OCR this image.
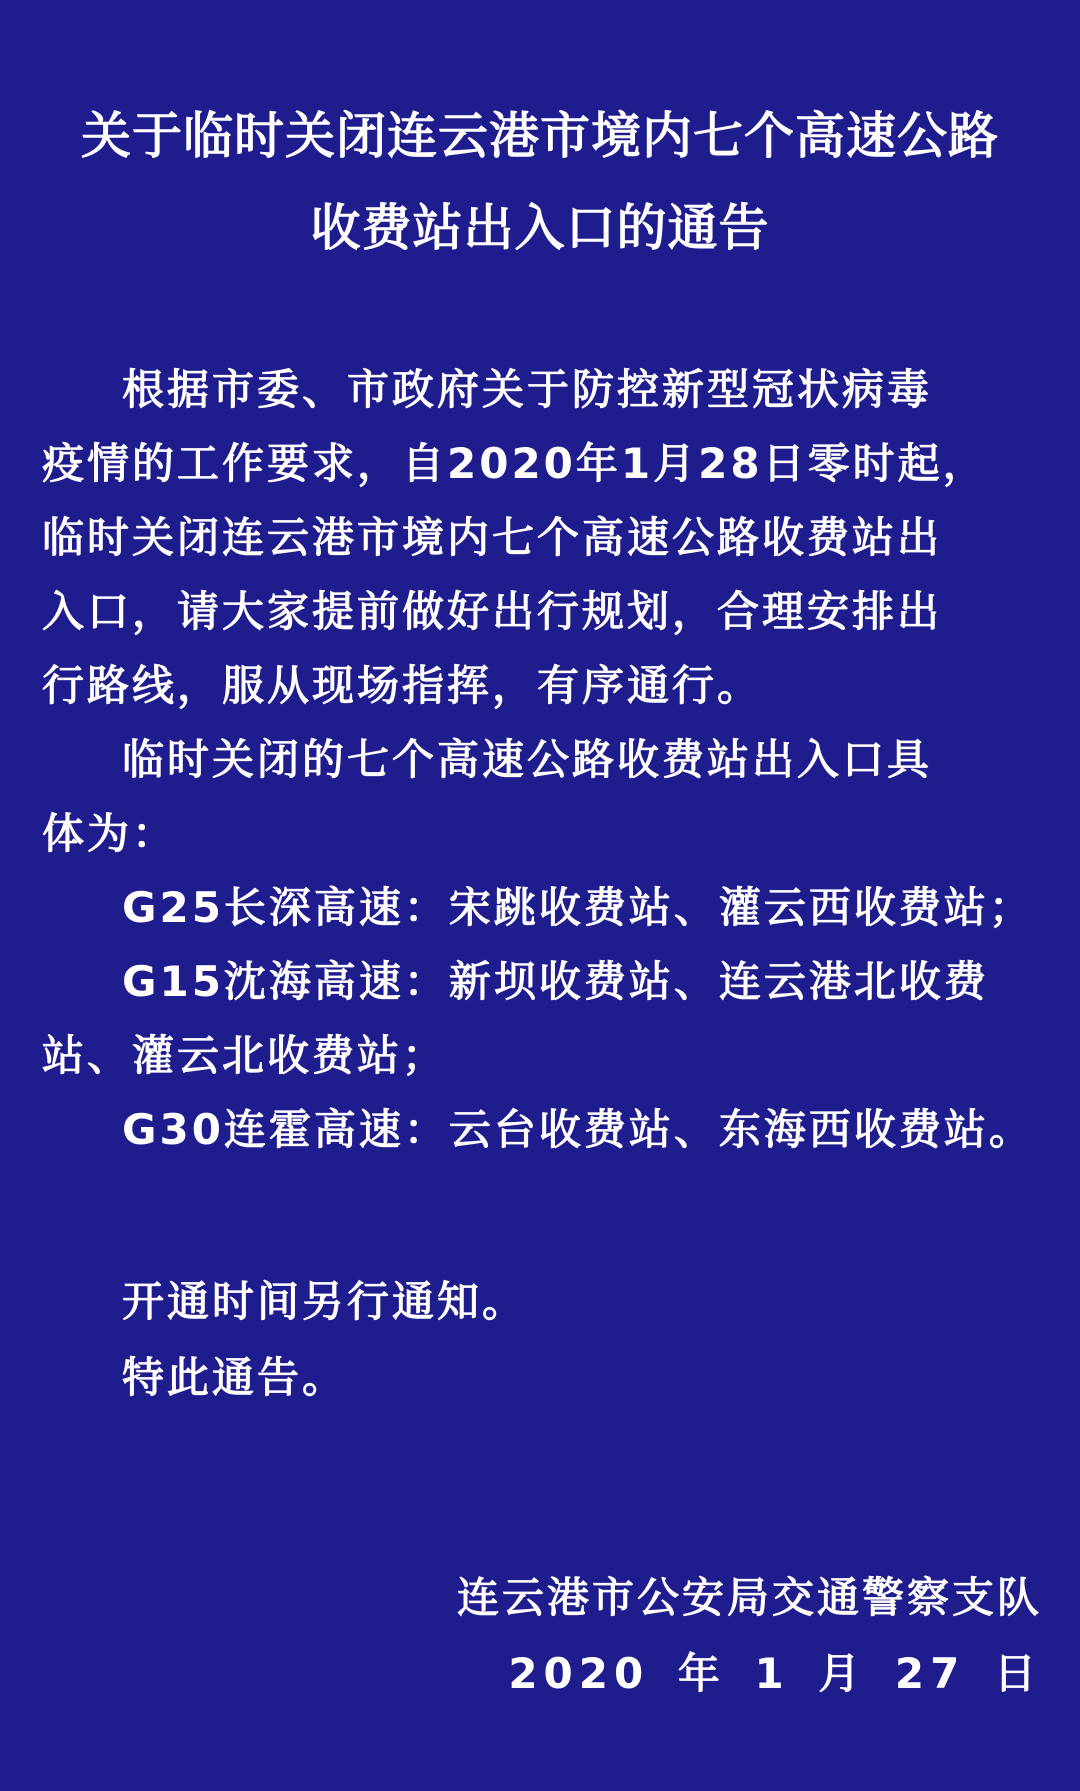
关于临时关闭连云港市境内七个高速公路
收费站出入口的通告
根据市委、市政府关于防控新型冠状病毒
疫情的工作要求，自2020年1月28日零时起，
临时关闭连云港市境内七个高速公路收费站出
入口，请大家提前做好出行规划，合理安排出
行路线，服从现场指挥，有序通行。
临时关闭的七个高速公路收费站出入口具
体为：
G25长深高速：宋跳收费站、灌云西收费站；
G15沈海高速：新坝收费站、连云港北收费
站、灌云北收费站；
G30连霍高速：云台收费站、东海西收费站。
开通时间另行通知。
特此通告。
连云港市公安局交通警察支队
2020 年 1 月 27 日
